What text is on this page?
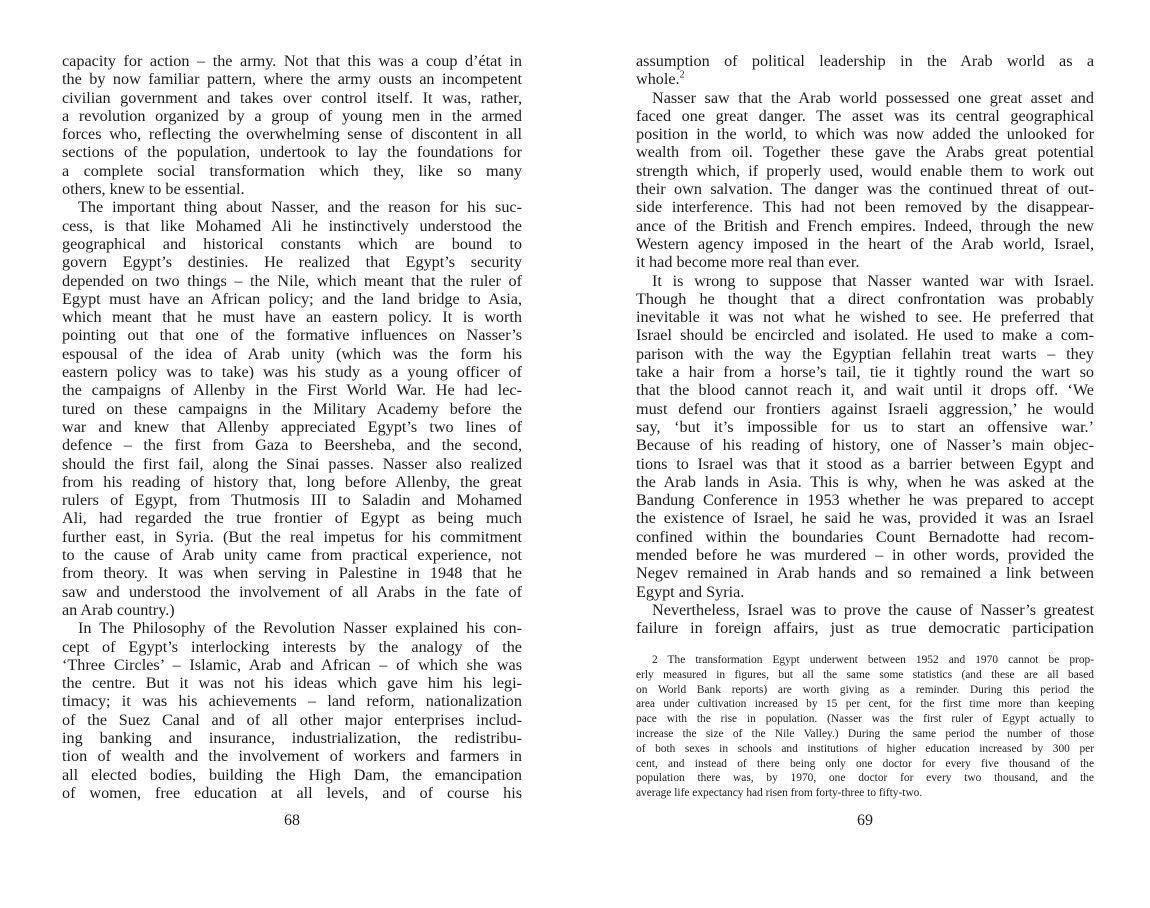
capacity for action – the army. Not that this was a coup d’état in
the by now familiar pattern, where the army ousts an incompetent
civilian government and takes over control itself. It was, rather,
a revolution organized by a group of young men in the armed
forces who, reflecting the overwhelming sense of discontent in all
sections of the population, undertook to lay the foundations for
a complete social transformation which they, like so many
others, knew to be essential.
The important thing about Nasser, and the reason for his suc-
cess, is that like Mohamed Ali he instinctively understood the
geographical and historical constants which are bound to
govern Egypt’s destinies. He realized that Egypt’s security
depended on two things – the Nile, which meant that the ruler of
Egypt must have an African policy; and the land bridge to Asia,
which meant that he must have an eastern policy. It is worth
pointing out that one of the formative influences on Nasser’s
espousal of the idea of Arab unity (which was the form his
eastern policy was to take) was his study as a young officer of
the campaigns of Allenby in the First World War. He had lec-
tured on these campaigns in the Military Academy before the
war and knew that Allenby appreciated Egypt’s two lines of
defence – the first from Gaza to Beersheba, and the second,
should the first fail, along the Sinai passes. Nasser also realized
from his reading of history that, long before Allenby, the great
rulers of Egypt, from Thutmosis III to Saladin and Mohamed
Ali, had regarded the true frontier of Egypt as being much
further east, in Syria. (But the real impetus for his commitment
to the cause of Arab unity came from practical experience, not
from theory. It was when serving in Palestine in 1948 that he
saw and understood the involvement of all Arabs in the fate of
an Arab country.)
In The Philosophy of the Revolution Nasser explained his con-
cept of Egypt’s interlocking interests by the analogy of the
‘Three Circles’ – Islamic, Arab and African – of which she was
the centre. But it was not his ideas which gave him his legi-
timacy; it was his achievements – land reform, nationalization
of the Suez Canal and of all other major enterprises includ-
ing banking and insurance, industrialization, the redistribu-
tion of wealth and the involvement of workers and farmers in
all elected bodies, building the High Dam, the emancipation
of women, free education at all levels, and of course his
68
assumption of political leadership in the Arab world as a
whole.$^2$
Nasser saw that the Arab world possessed one great asset and
faced one great danger. The asset was its central geographical
position in the world, to which was now added the unlooked for
wealth from oil. Together these gave the Arabs great potential
strength which, if properly used, would enable them to work out
their own salvation. The danger was the continued threat of out-
side interference. This had not been removed by the disappear-
ance of the British and French empires. Indeed, through the new
Western agency imposed in the heart of the Arab world, Israel,
it had become more real than ever.
It is wrong to suppose that Nasser wanted war with Israel.
Though he thought that a direct confrontation was probably
inevitable it was not what he wished to see. He preferred that
Israel should be encircled and isolated. He used to make a com-
parison with the way the Egyptian fellahin treat warts – they
take a hair from a horse’s tail, tie it tightly round the wart so
that the blood cannot reach it, and wait until it drops off. ‘We
must defend our frontiers against Israeli aggression,’ he would
say, ‘but it’s impossible for us to start an offensive war.’
Because of his reading of history, one of Nasser’s main objec-
tions to Israel was that it stood as a barrier between Egypt and
the Arab lands in Asia. This is why, when he was asked at the
Bandung Conference in 1953 whether he was prepared to accept
the existence of Israel, he said he was, provided it was an Israel
confined within the boundaries Count Bernadotte had recom-
mended before he was murdered – in other words, provided the
Negev remained in Arab hands and so remained a link between
Egypt and Syria.
Nevertheless, Israel was to prove the cause of Nasser’s greatest
failure in foreign affairs, just as true democratic participation
2 The transformation Egypt underwent between 1952 and 1970 cannot be prop-
erly measured in figures, but all the same some statistics (and these are all based
on World Bank reports) are worth giving as a reminder. During this period the
area under cultivation increased by 15 per cent, for the first time more than keeping
pace with the rise in population. (Nasser was the first ruler of Egypt actually to
increase the size of the Nile Valley.) During the same period the number of those
of both sexes in schools and institutions of higher education increased by 300 per
cent, and instead of there being only one doctor for every five thousand of the
population there was, by 1970, one doctor for every two thousand, and the
average life expectancy had risen from forty-three to fifty-two.
69
